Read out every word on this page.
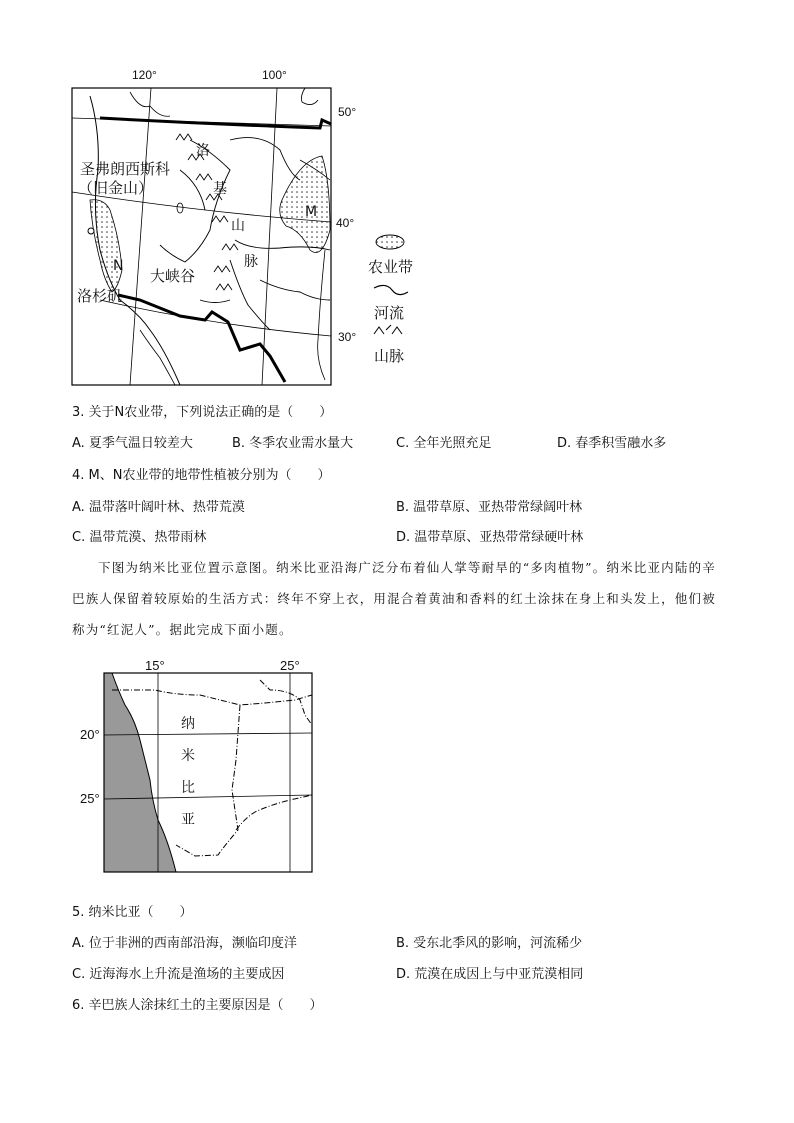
120°	100°
50°
40°
30°
圣弗朗西斯科
（旧金山）
洛杉矶
大峡谷
N
M
洛
基
山
脉	农业带
河流
山脉
3. 关于N农业带，下列说法正确的是（　　）
A. 夏季气温日较差大	B. 冬季农业需水量大	C. 全年光照充足	D. 春季积雪融水多
4. M、N农业带的地带性植被分别为（　　）
A. 温带落叶阔叶林、热带荒漠	B. 温带草原、亚热带常绿阔叶林
C. 温带荒漠、热带雨林	D. 温带草原、亚热带常绿硬叶林
下图为纳米比亚位置示意图。纳米比亚沿海广泛分布着仙人掌等耐旱的“多肉植物”。纳米比亚内陆的辛巴族人保留着较原始的生活方式：终年不穿上衣，用混合着黄油和香料的红土涂抹在身上和头发上，他们被称为“红泥人”。据此完成下面小题。
15°	25°
20°
25°
纳
米
比
亚
5. 纳米比亚（　　）
A. 位于非洲的西南部沿海，濒临印度洋	B. 受东北季风的影响，河流稀少
C. 近海海水上升流是渔场的主要成因	D. 荒漠在成因上与中亚荒漠相同
6. 辛巴族人涂抹红土的主要原因是（　　）
